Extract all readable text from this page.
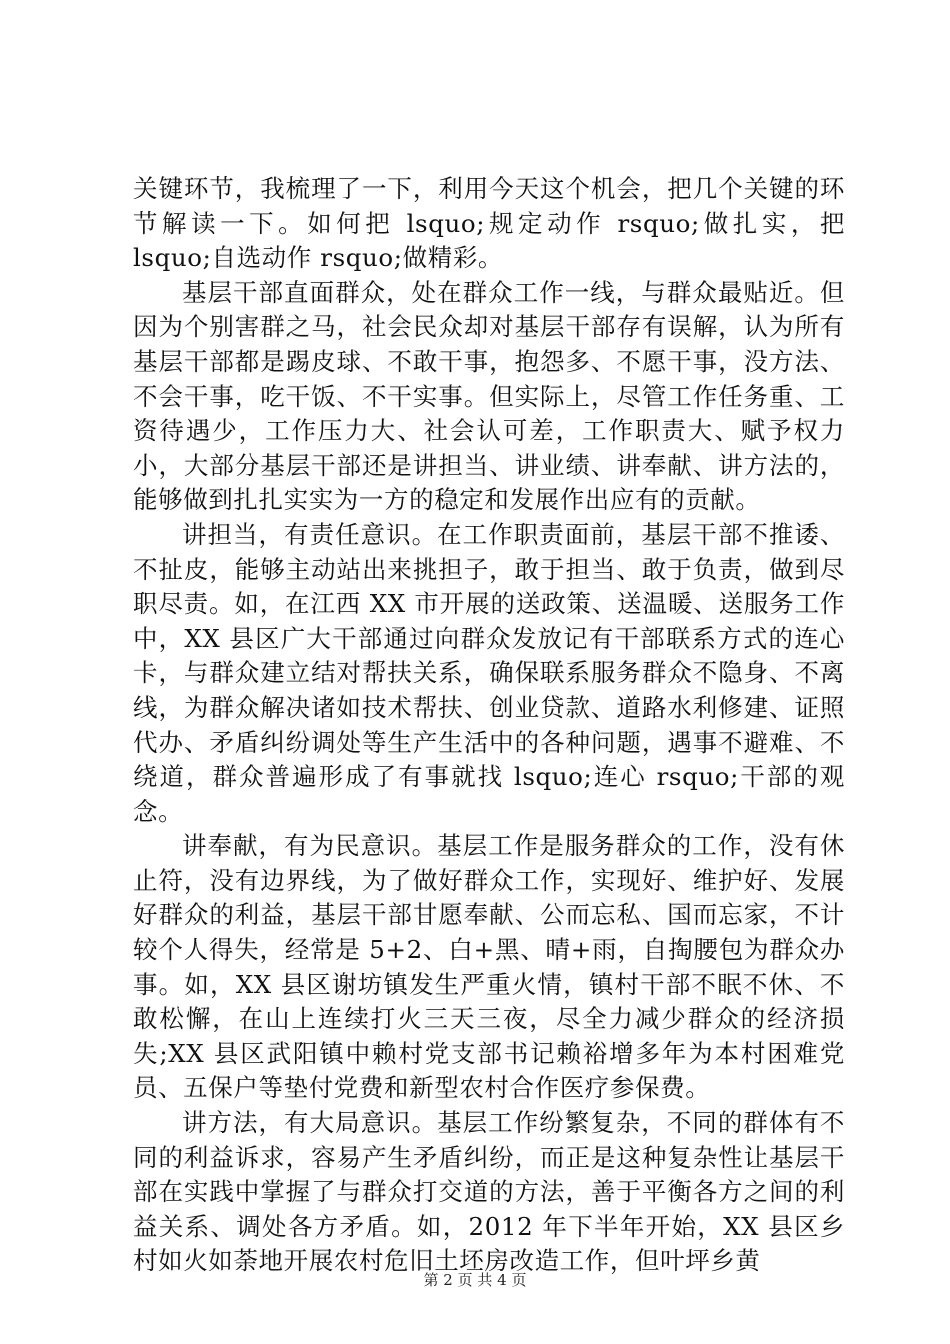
关键环节，我梳理了一下，利用今天这个机会，把几个关键的环节解读一下。如何把 lsquo;规定动作 rsquo;做扎实，把 lsquo;自选动作 rsquo;做精彩。

基层干部直面群众，处在群众工作一线，与群众最贴近。但因为个别害群之马，社会民众却对基层干部存有误解，认为所有基层干部都是踢皮球、不敢干事，抱怨多、不愿干事，没方法、不会干事，吃干饭、不干实事。但实际上，尽管工作任务重、工资待遇少，工作压力大、社会认可差，工作职责大、赋予权力小，大部分基层干部还是讲担当、讲业绩、讲奉献、讲方法的，能够做到扎扎实实为一方的稳定和发展作出应有的贡献。

讲担当，有责任意识。在工作职责面前，基层干部不推诿、不扯皮，能够主动站出来挑担子，敢于担当、敢于负责，做到尽职尽责。如，在江西 XX 市开展的送政策、送温暖、送服务工作中，XX 县区广大干部通过向群众发放记有干部联系方式的连心卡，与群众建立结对帮扶关系，确保联系服务群众不隐身、不离线，为群众解决诸如技术帮扶、创业贷款、道路水利修建、证照代办、矛盾纠纷调处等生产生活中的各种问题，遇事不避难、不绕道，群众普遍形成了有事就找 lsquo;连心 rsquo;干部的观念。

讲奉献，有为民意识。基层工作是服务群众的工作，没有休止符，没有边界线，为了做好群众工作，实现好、维护好、发展好群众的利益，基层干部甘愿奉献、公而忘私、国而忘家，不计较个人得失，经常是 5+2、白+黑、晴+雨，自掏腰包为群众办事。如，XX 县区谢坊镇发生严重火情，镇村干部不眠不休、不敢松懈，在山上连续打火三天三夜，尽全力减少群众的经济损失;XX 县区武阳镇中赖村党支部书记赖裕增多年为本村困难党员、五保户等垫付党费和新型农村合作医疗参保费。

讲方法，有大局意识。基层工作纷繁复杂，不同的群体有不同的利益诉求，容易产生矛盾纠纷，而正是这种复杂性让基层干部在实践中掌握了与群众打交道的方法，善于平衡各方之间的利益关系、调处各方矛盾。如，2012 年下半年开始，XX 县区乡村如火如荼地开展农村危旧土坯房改造工作，但叶坪乡黄

第 2 页 共 4 页
